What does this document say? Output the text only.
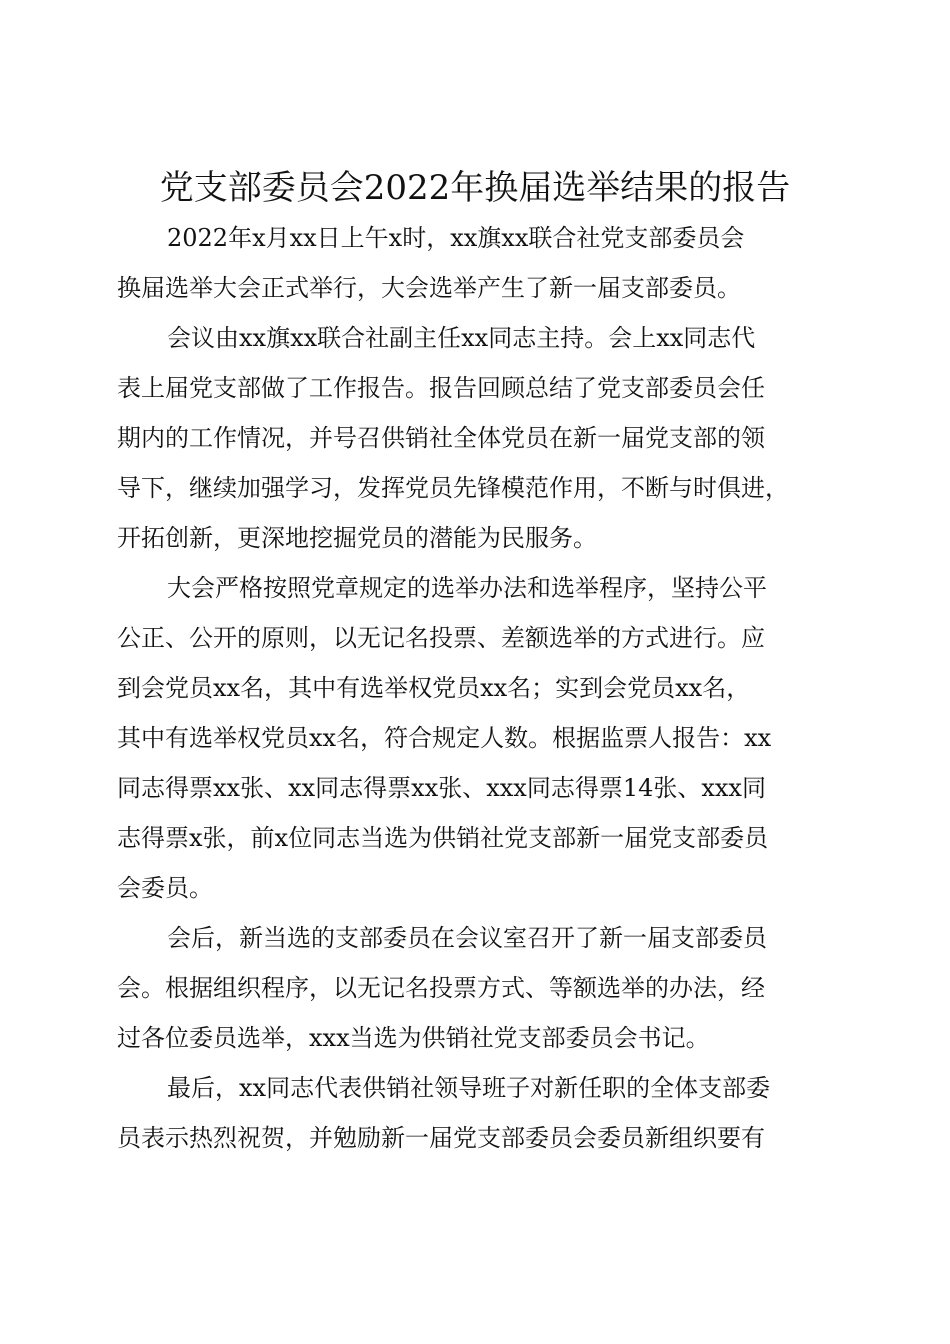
党支部委员会2022年换届选举结果的报告
2022年x月xx日上午x时，xx旗xx联合社党支部委员会
换届选举大会正式举行，大会选举产生了新一届支部委员。
会议由xx旗xx联合社副主任xx同志主持。会上xx同志代
表上届党支部做了工作报告。报告回顾总结了党支部委员会任
期内的工作情况，并号召供销社全体党员在新一届党支部的领
导下，继续加强学习，发挥党员先锋模范作用，不断与时俱进，
开拓创新，更深地挖掘党员的潜能为民服务。
大会严格按照党章规定的选举办法和选举程序，坚持公平
公正、公开的原则，以无记名投票、差额选举的方式进行。应
到会党员xx名，其中有选举权党员xx名；实到会党员xx名，
其中有选举权党员xx名，符合规定人数。根据监票人报告：xx
同志得票xx张、xx同志得票xx张、xxx同志得票14张、xxx同
志得票x张，前x位同志当选为供销社党支部新一届党支部委员
会委员。
会后，新当选的支部委员在会议室召开了新一届支部委员
会。根据组织程序，以无记名投票方式、等额选举的办法，经
过各位委员选举，xxx当选为供销社党支部委员会书记。
最后，xx同志代表供销社领导班子对新任职的全体支部委
员表示热烈祝贺，并勉励新一届党支部委员会委员新组织要有
